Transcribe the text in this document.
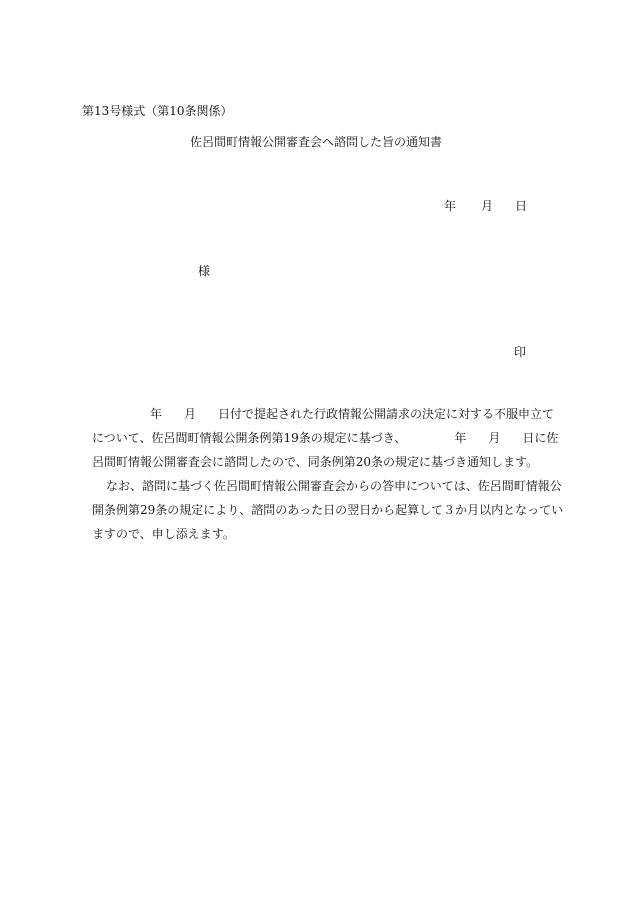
第13号様式（第10条関係）
佐呂間町情報公開審査会へ諮問した旨の通知書
年 月 日
様
印
年 月 日付で提起された行政情報公開請求の決定に対する不服申立て
について、佐呂間町情報公開条例第19条の規定に基づき、	年 月 日に佐
呂間町情報公開審査会に諮問したので、同条例第20条の規定に基づき通知します。
なお、諮問に基づく佐呂間町情報公開審査会からの答申については、佐呂間町情報公
開条例第29条の規定により、諮問のあった日の翌日から起算して３か月以内となってい
ますので、申し添えます。
